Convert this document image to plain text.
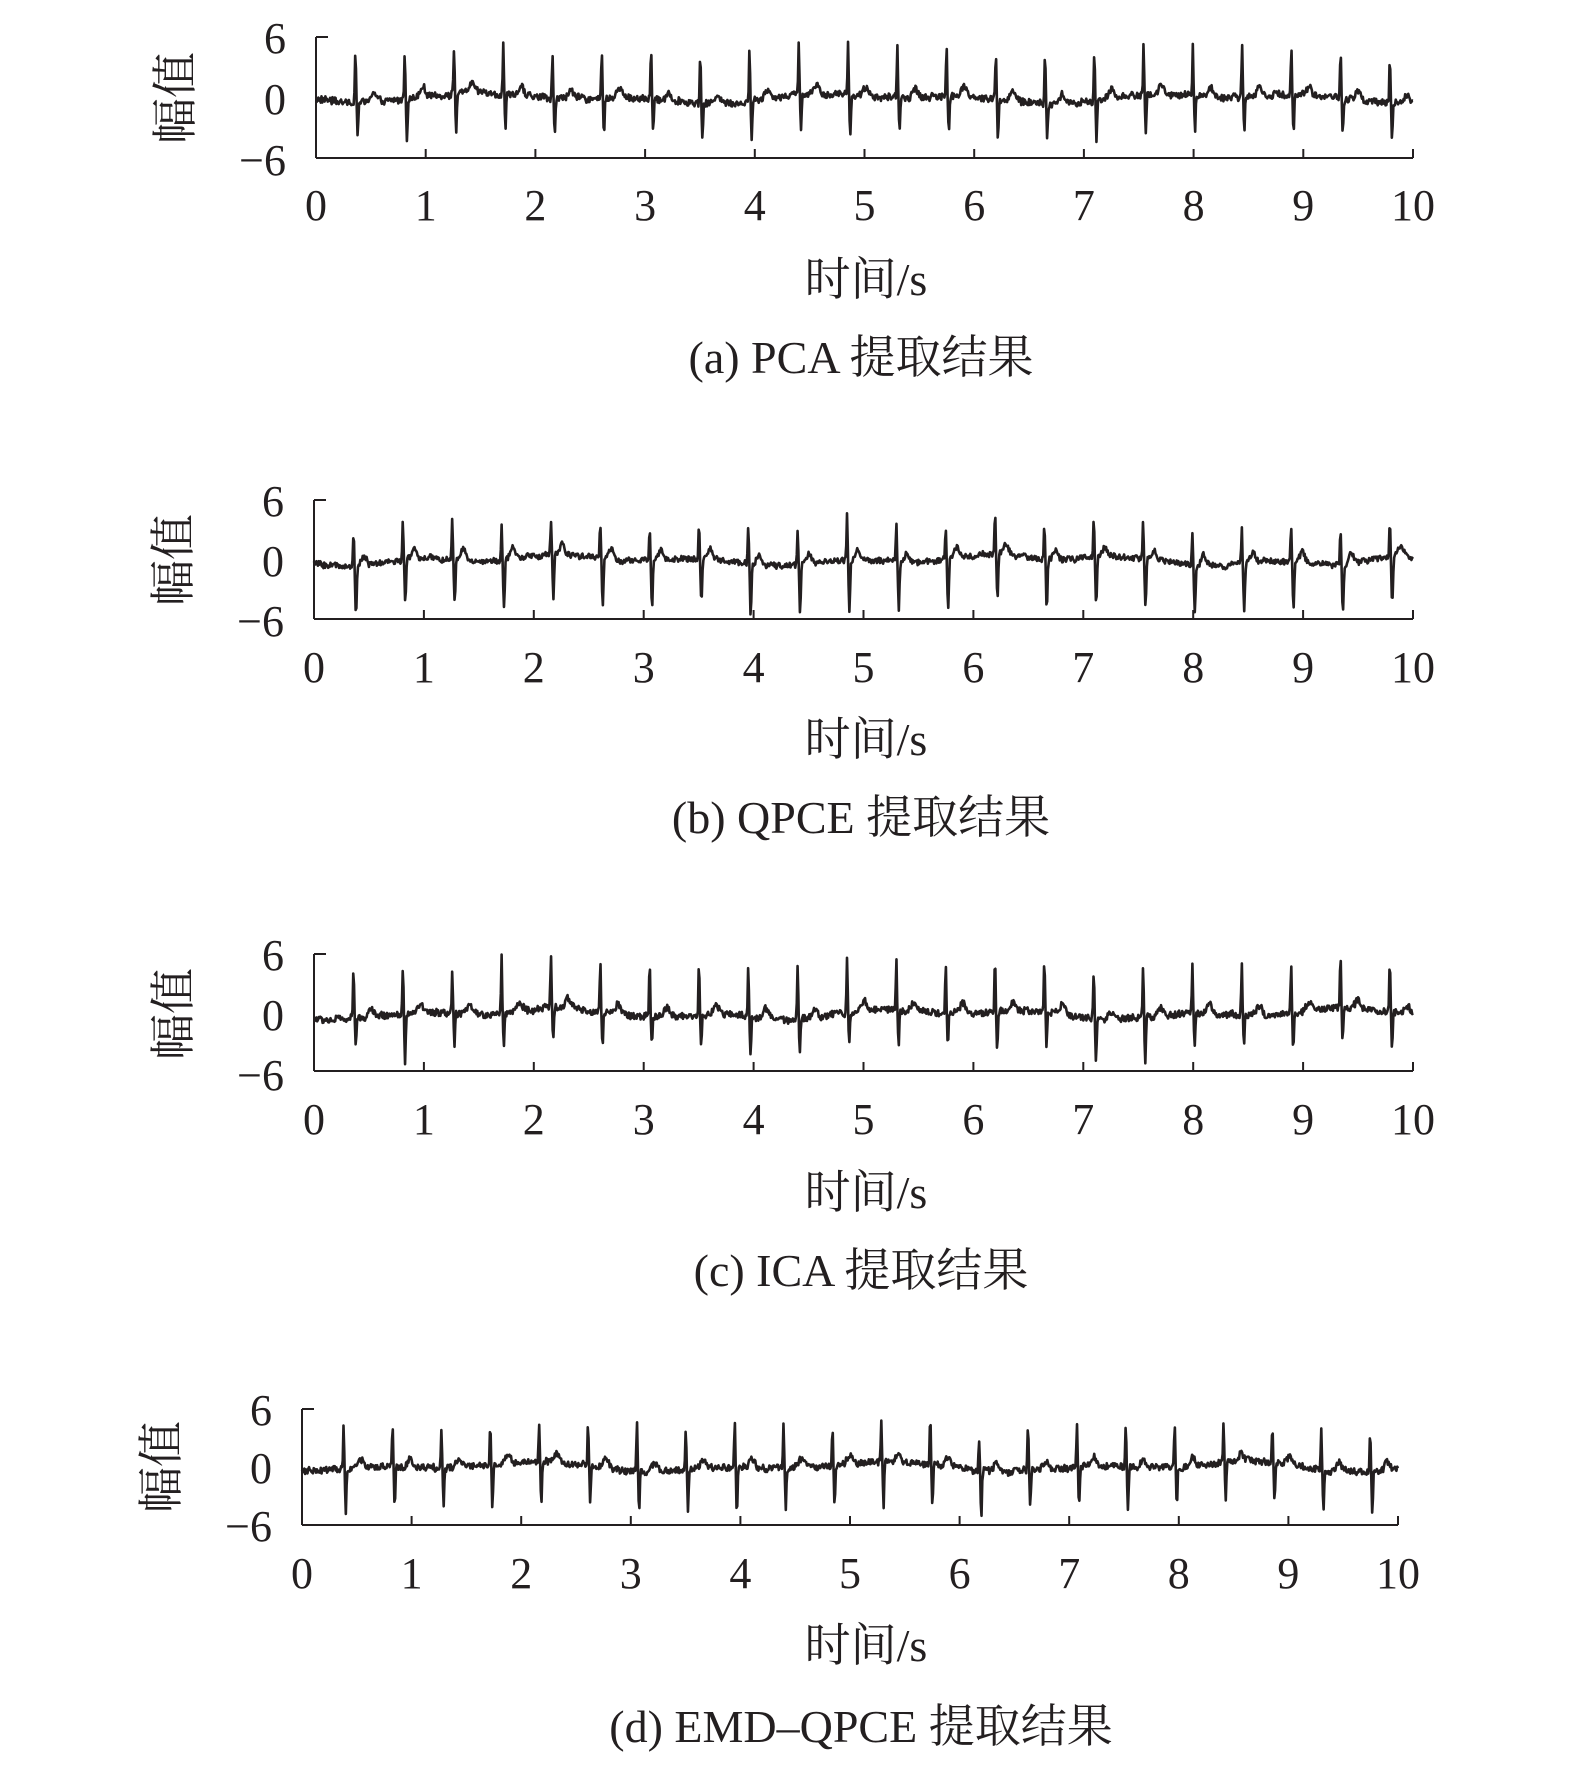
0 1 2 3 4 5 6 7 8 9 10
6
0
−6
幅值
时间/s
(a) PCA 提取结果
0 1 2 3 4 5 6 7 8 9 10
6
0
−6
幅值
时间/s
(b) QPCE 提取结果
0 1 2 3 4 5 6 7 8 9 10
6
0
−6
幅值
时间/s
(c) ICA 提取结果
0 1 2 3 4 5 6 7 8 9 10
6
0
−6
幅值
时间/s
(d) EMD–QPCE 提取结果
